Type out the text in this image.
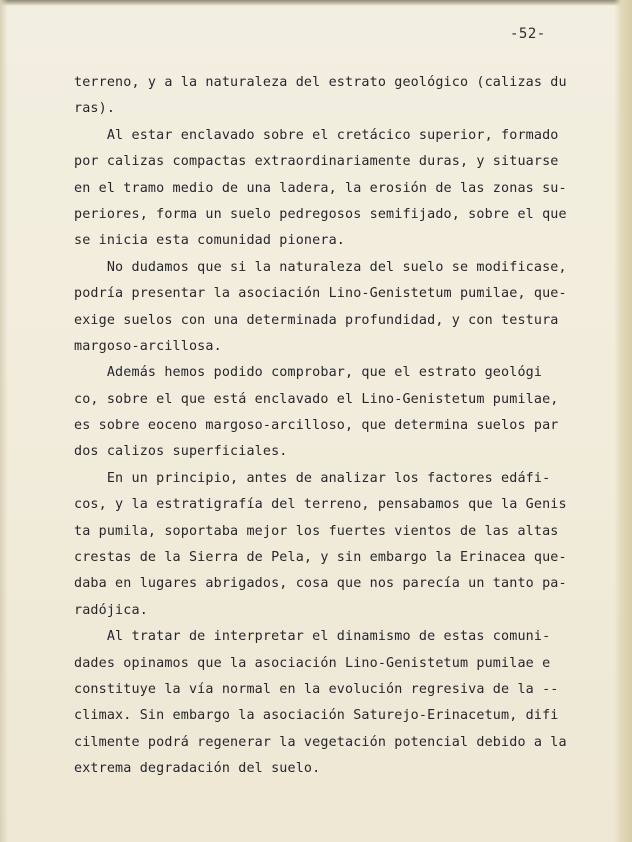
-52-
terreno, y a la naturaleza del estrato geológico (calizas du
ras).
Al estar enclavado sobre el cretácico superior, formado
por calizas compactas extraordinariamente duras, y situarse
en el tramo medio de una ladera, la erosión de las zonas su-
periores, forma un suelo pedregosos semifijado, sobre el que
se inicia esta comunidad pionera.
No dudamos que si la naturaleza del suelo se modificase,
podría presentar la asociación Lino-Genistetum pumilae, que-
exige suelos con una determinada profundidad, y con testura
margoso-arcillosa.
Además hemos podido comprobar, que el estrato geológi
co, sobre el que está enclavado el Lino-Genistetum pumilae,
es sobre eoceno margoso-arcilloso, que determina suelos par
dos calizos superficiales.
En un principio, antes de analizar los factores edáfi-
cos, y la estratigrafía del terreno, pensabamos que la Genis
ta pumila, soportaba mejor los fuertes vientos de las altas
crestas de la Sierra de Pela, y sin embargo la Erinacea que-
daba en lugares abrigados, cosa que nos parecía un tanto pa-
radójica.
Al tratar de interpretar el dinamismo de estas comuni-
dades opinamos que la asociación Lino-Genistetum pumilae e
constituye la vía normal en la evolución regresiva de la --
climax. Sin embargo la asociación Saturejo-Erinacetum, difi
cilmente podrá regenerar la vegetación potencial debido a la
extrema degradación del suelo.
